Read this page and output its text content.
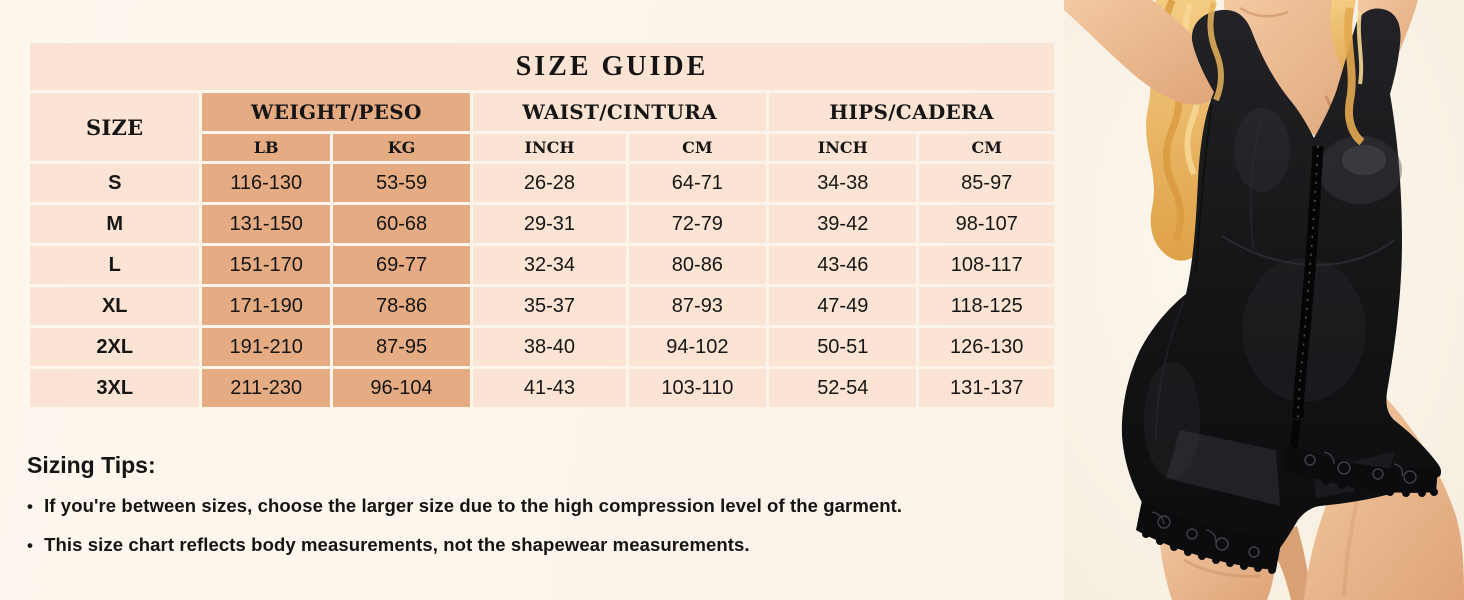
SIZE GUIDE						
SIZE	WEIGHT/PESO		WAIST/CINTURA		HIPS/CADERA	
	LB	KG	INCH	CM	INCH	CM
S	116-130	53-59	26-28	64-71	34-38	85-97
M	131-150	60-68	29-31	72-79	39-42	98-107
L	151-170	69-77	32-34	80-86	43-46	108-117
XL	171-190	78-86	35-37	87-93	47-49	118-125
2XL	191-210	87-95	38-40	94-102	50-51	126-130
3XL	211-230	96-104	41-43	103-110	52-54	131-137
Sizing Tips:
• If you're between sizes, choose the larger size due to the high compression level of the garment.
• This size chart reflects body measurements, not the shapewear measurements.
